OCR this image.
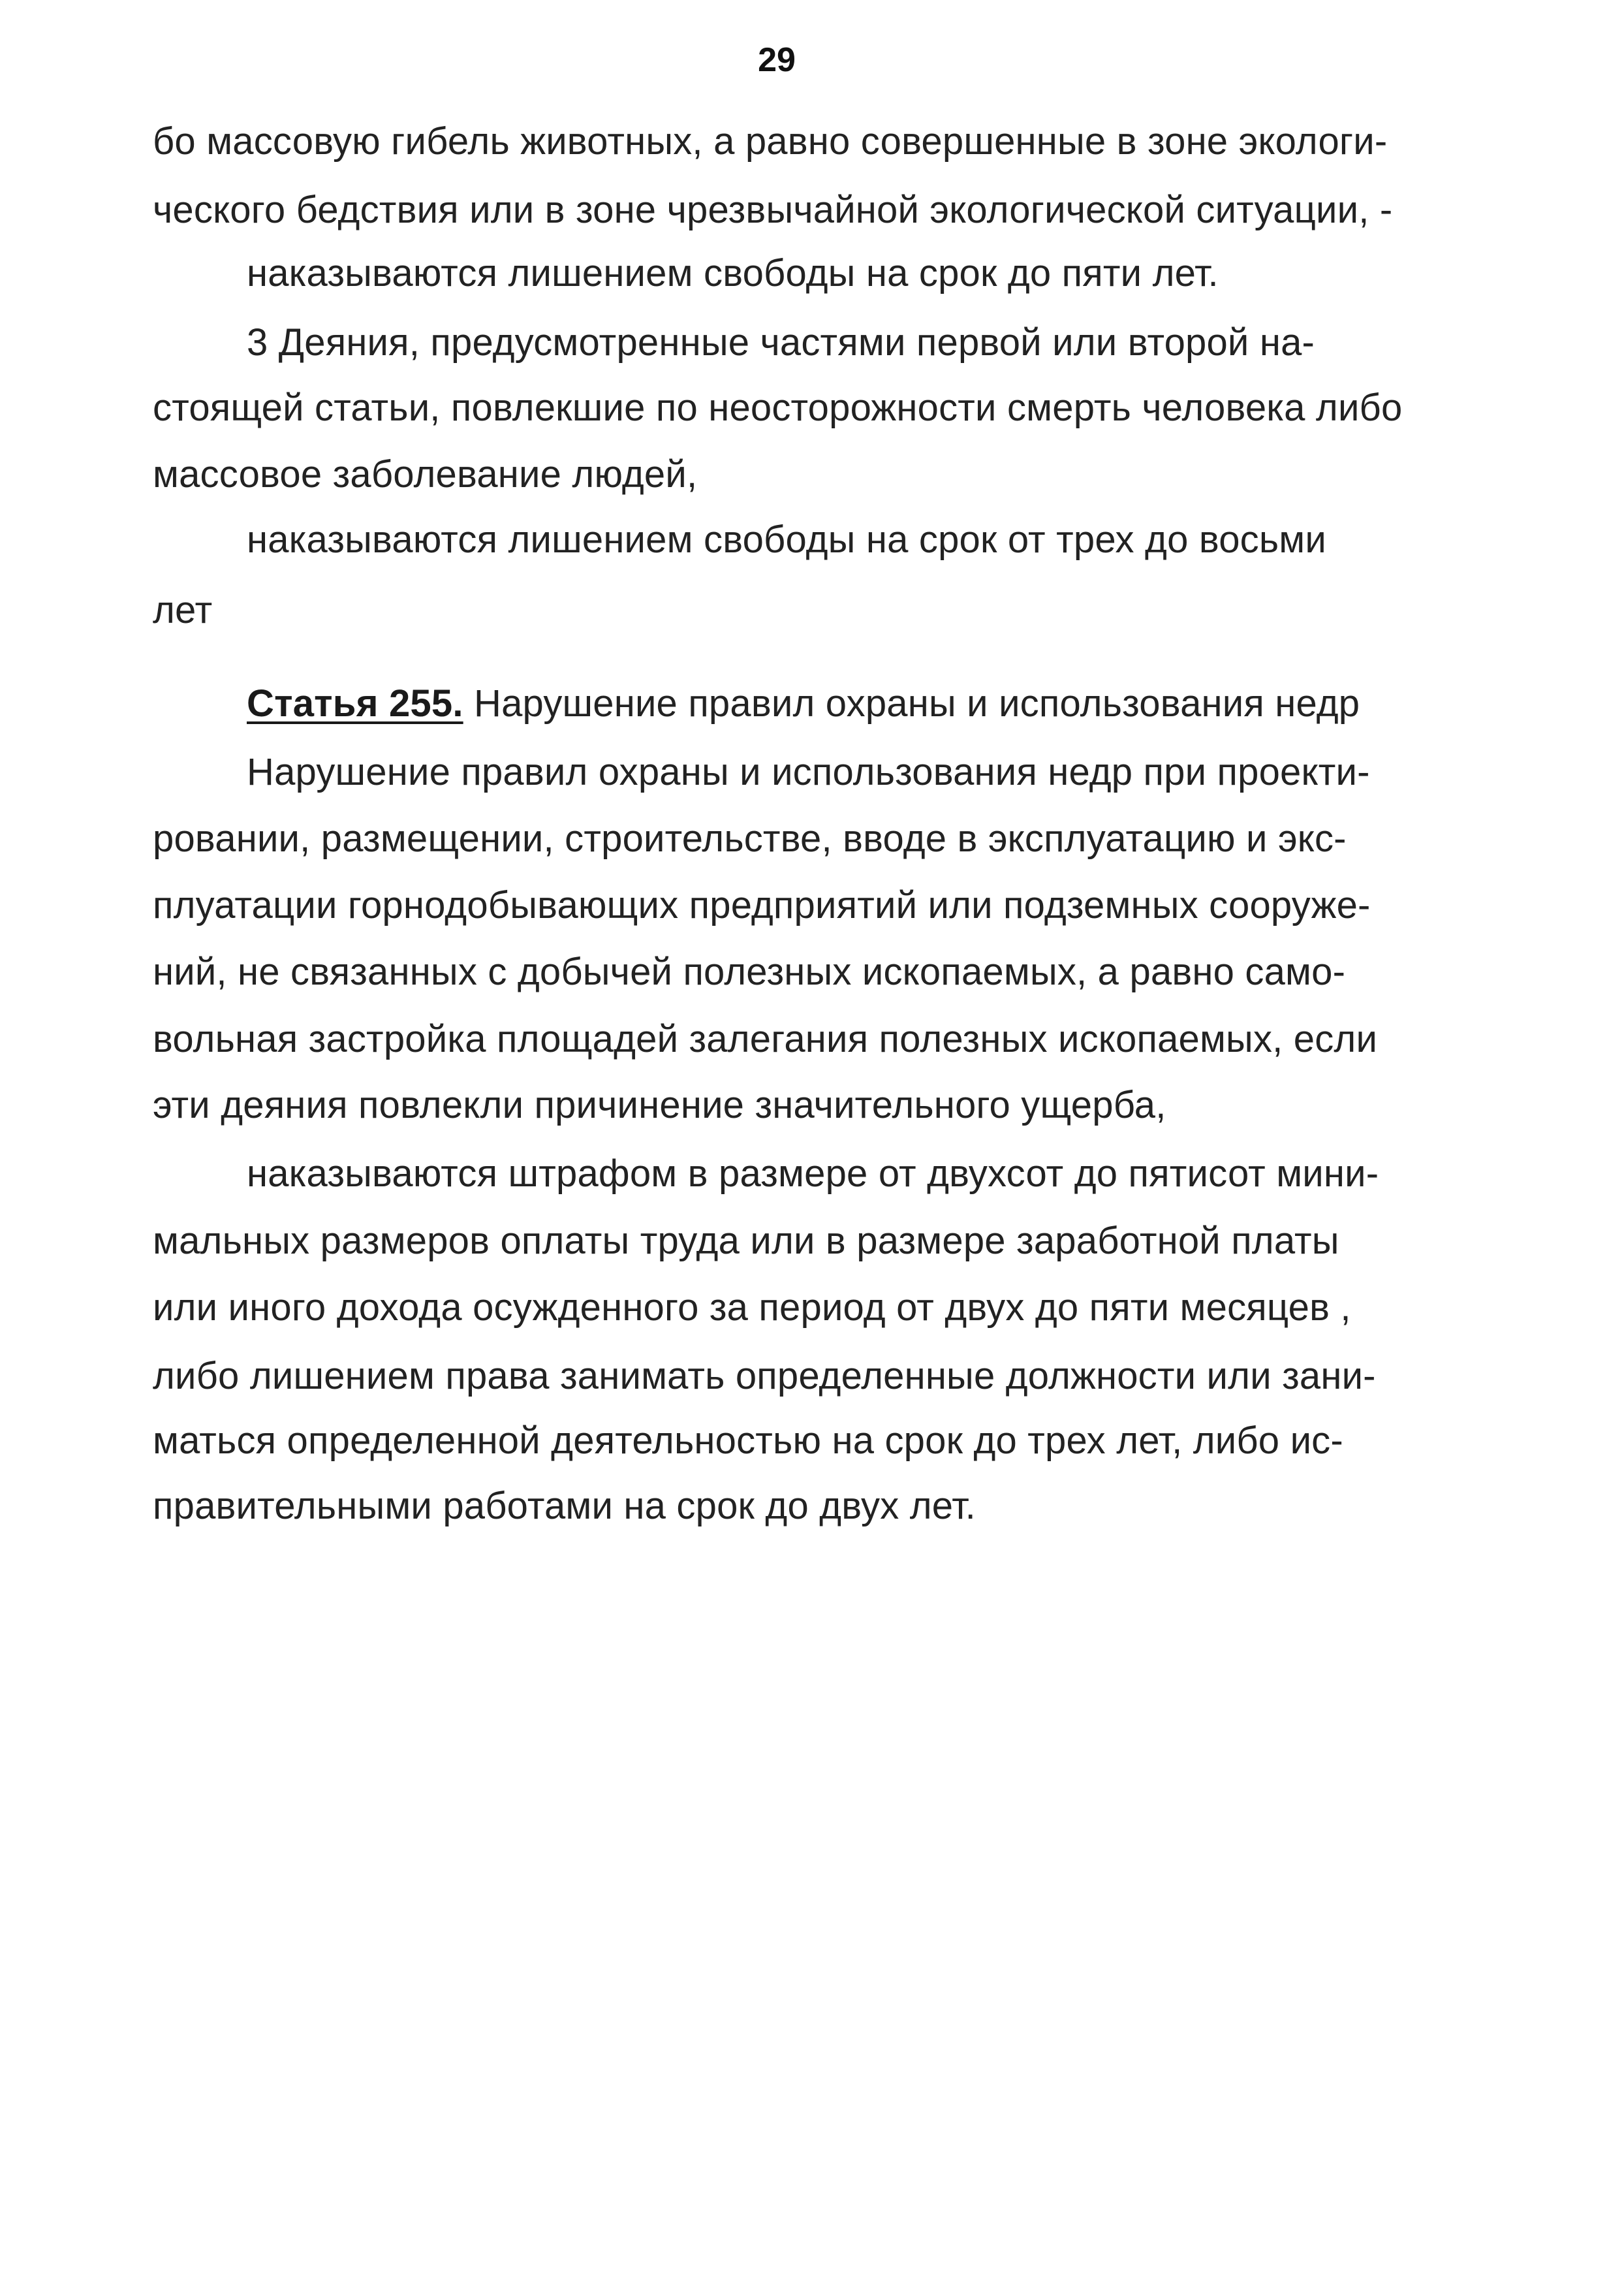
29
бо массовую гибель животных, а равно совершенные в зоне экологи-
ческого бедствия или в зоне чрезвычайной экологической ситуации, -
наказываются лишением свободы на срок до пяти лет.
3 Деяния, предусмотренные частями первой или второй на-
стоящей статьи, повлекшие по неосторожности смерть человека либо
массовое заболевание людей,
наказываются лишением свободы на срок от трех до восьми
лет
Статья 255. Нарушение правил охраны и использования недр
Нарушение правил охраны и использования недр при проекти-
ровании, размещении, строительстве, вводе в эксплуатацию и экс-
плуатации горнодобывающих предприятий или подземных сооруже-
ний, не связанных с добычей полезных ископаемых, а равно само-
вольная застройка площадей залегания полезных ископаемых, если
эти деяния повлекли причинение значительного ущерба,
наказываются штрафом в размере от двухсот до пятисот мини-
мальных размеров оплаты труда или в размере заработной платы
или иного дохода осужденного за период от двух до пяти месяцев ,
либо лишением права занимать определенные должности или зани-
маться определенной деятельностью на срок до трех лет, либо ис-
правительными работами на срок до двух лет.
